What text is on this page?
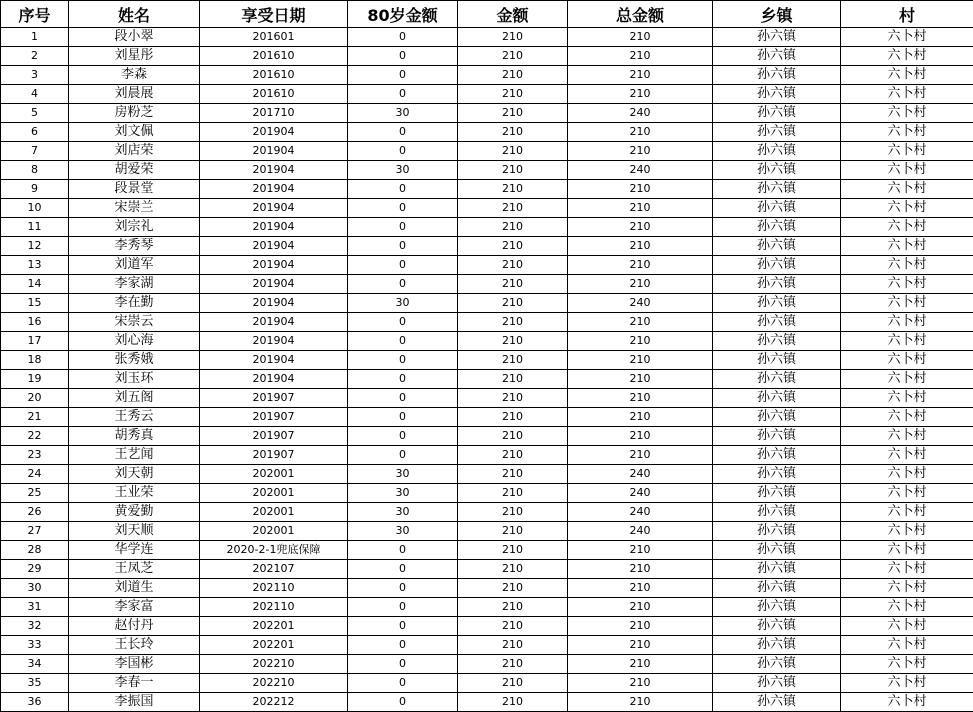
序号	姓名	享受日期	80岁金额	金额	总金额	乡镇	村
1	段小翠	201601	0	210	210	孙六镇	六卜村
2	刘星彤	201610	0	210	210	孙六镇	六卜村
3	李森	201610	0	210	210	孙六镇	六卜村
4	刘晨展	201610	0	210	210	孙六镇	六卜村
5	房粉芝	201710	30	210	240	孙六镇	六卜村
6	刘文佩	201904	0	210	210	孙六镇	六卜村
7	刘店荣	201904	0	210	210	孙六镇	六卜村
8	胡爱荣	201904	30	210	240	孙六镇	六卜村
9	段景堂	201904	0	210	210	孙六镇	六卜村
10	宋崇兰	201904	0	210	210	孙六镇	六卜村
11	刘宗礼	201904	0	210	210	孙六镇	六卜村
12	李秀琴	201904	0	210	210	孙六镇	六卜村
13	刘道军	201904	0	210	210	孙六镇	六卜村
14	李家湖	201904	0	210	210	孙六镇	六卜村
15	李在勤	201904	30	210	240	孙六镇	六卜村
16	宋崇云	201904	0	210	210	孙六镇	六卜村
17	刘心海	201904	0	210	210	孙六镇	六卜村
18	张秀娥	201904	0	210	210	孙六镇	六卜村
19	刘玉环	201904	0	210	210	孙六镇	六卜村
20	刘五阁	201907	0	210	210	孙六镇	六卜村
21	王秀云	201907	0	210	210	孙六镇	六卜村
22	胡秀真	201907	0	210	210	孙六镇	六卜村
23	王艺闻	201907	0	210	210	孙六镇	六卜村
24	刘天朝	202001	30	210	240	孙六镇	六卜村
25	王业荣	202001	30	210	240	孙六镇	六卜村
26	黄爱勤	202001	30	210	240	孙六镇	六卜村
27	刘天顺	202001	30	210	240	孙六镇	六卜村
28	华学连	2020-2-1兜底保障	0	210	210	孙六镇	六卜村
29	王凤芝	202107	0	210	210	孙六镇	六卜村
30	刘道生	202110	0	210	210	孙六镇	六卜村
31	李家富	202110	0	210	210	孙六镇	六卜村
32	赵付丹	202201	0	210	210	孙六镇	六卜村
33	王长玲	202201	0	210	210	孙六镇	六卜村
34	李国彬	202210	0	210	210	孙六镇	六卜村
35	李春一	202210	0	210	210	孙六镇	六卜村
36	李振国	202212	0	210	210	孙六镇	六卜村
